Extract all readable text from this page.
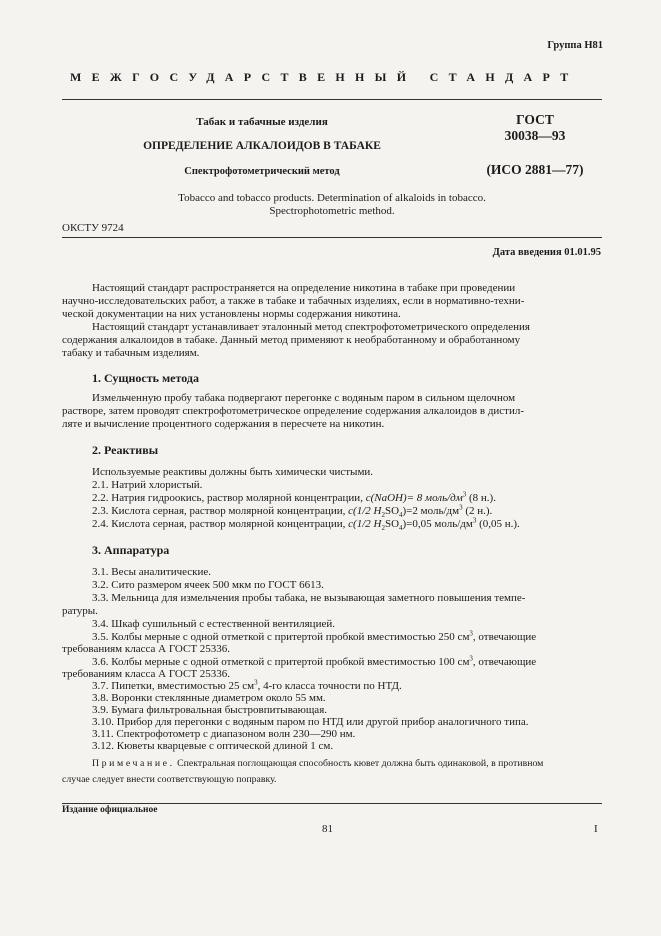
Группа Н81
МЕЖГОСУДАРСТВЕННЫЙ СТАНДАРТ
Табак и табачные изделия
ОПРЕДЕЛЕНИЕ АЛКАЛОИДОВ В ТАБАКЕ
Спектрофотометрический метод
ГОСТ
30038—93
(ИСО 2881—77)
Tobacco and tobacco products. Determination of alkaloids in tobacco.
Spectrophotometric method.
ОКСТУ 9724
Дата введения 01.01.95
Настоящий стандарт распространяется на определение никотина в табаке при проведении
научно-исследовательских работ, а также в табаке и табачных изделиях, если в нормативно-техни-
ческой документации на них установлены нормы содержания никотина.
Настоящий стандарт устанавливает эталонный метод спектрофотометрического определения
содержания алкалоидов в табаке. Данный метод применяют к необработанному и обработанному
табаку и табачным изделиям.
1. Сущность метода
Измельченную пробу табака подвергают перегонке с водяным паром в сильном щелочном
растворе, затем проводят спектрофотометрическое определение содержания алкалоидов в дистил-
ляте и вычисление процентного содержания в пересчете на никотин.
2. Реактивы
Используемые реактивы должны быть химически чистыми.
2.1. Натрий хлористый.
2.2. Натрия гидроокись, раствор молярной концентрации, c(NaOH)= 8 моль/$дм^3$ (8 н.).
2.3. Кислота серная, раствор молярной концентрации, c(1/2 $H_2SO_4)=2$ моль/$дм^3$ (2 н.).
2.4. Кислота серная, раствор молярной концентрации, c(1/2 $H_2SO_4)=0,05$ моль/$дм^3$ (0,05 н.).
3. Аппаратура
3.1. Весы аналитические.
3.2. Сито размером ячеек 500 мкм по ГОСТ 6613.
3.3. Мельница для измельчения пробы табака, не вызывающая заметного повышения темпе-
ратуры.
3.4. Шкаф сушильный с естественной вентиляцией.
3.5. Колбы мерные с одной отметкой с притертой пробкой вместимостью 250 $см^3$, отвечающие
требованиям класса А ГОСТ 25336.
3.6. Колбы мерные с одной отметкой с притертой пробкой вместимостью 100 $см^3$, отвечающие
требованиям класса А ГОСТ 25336.
3.7. Пипетки, вместимостью 25 $см^3$, 4-го класса точности по НТД.
3.8. Воронки стеклянные диаметром около 55 мм.
3.9. Бумага фильтровальная быстровпитывающая.
3.10. Прибор для перегонки с водяным паром по НТД или другой прибор аналогичного типа.
3.11. Спектрофотометр с диапазоном волн 230—290 нм.
3.12. Кюветы кварцевые с оптической длиной 1 см.
Примечание. Спектральная поглощающая способность кювет должна быть одинаковой, в противном
случае следует внести соответствующую поправку.
Издание официальное
81	I
